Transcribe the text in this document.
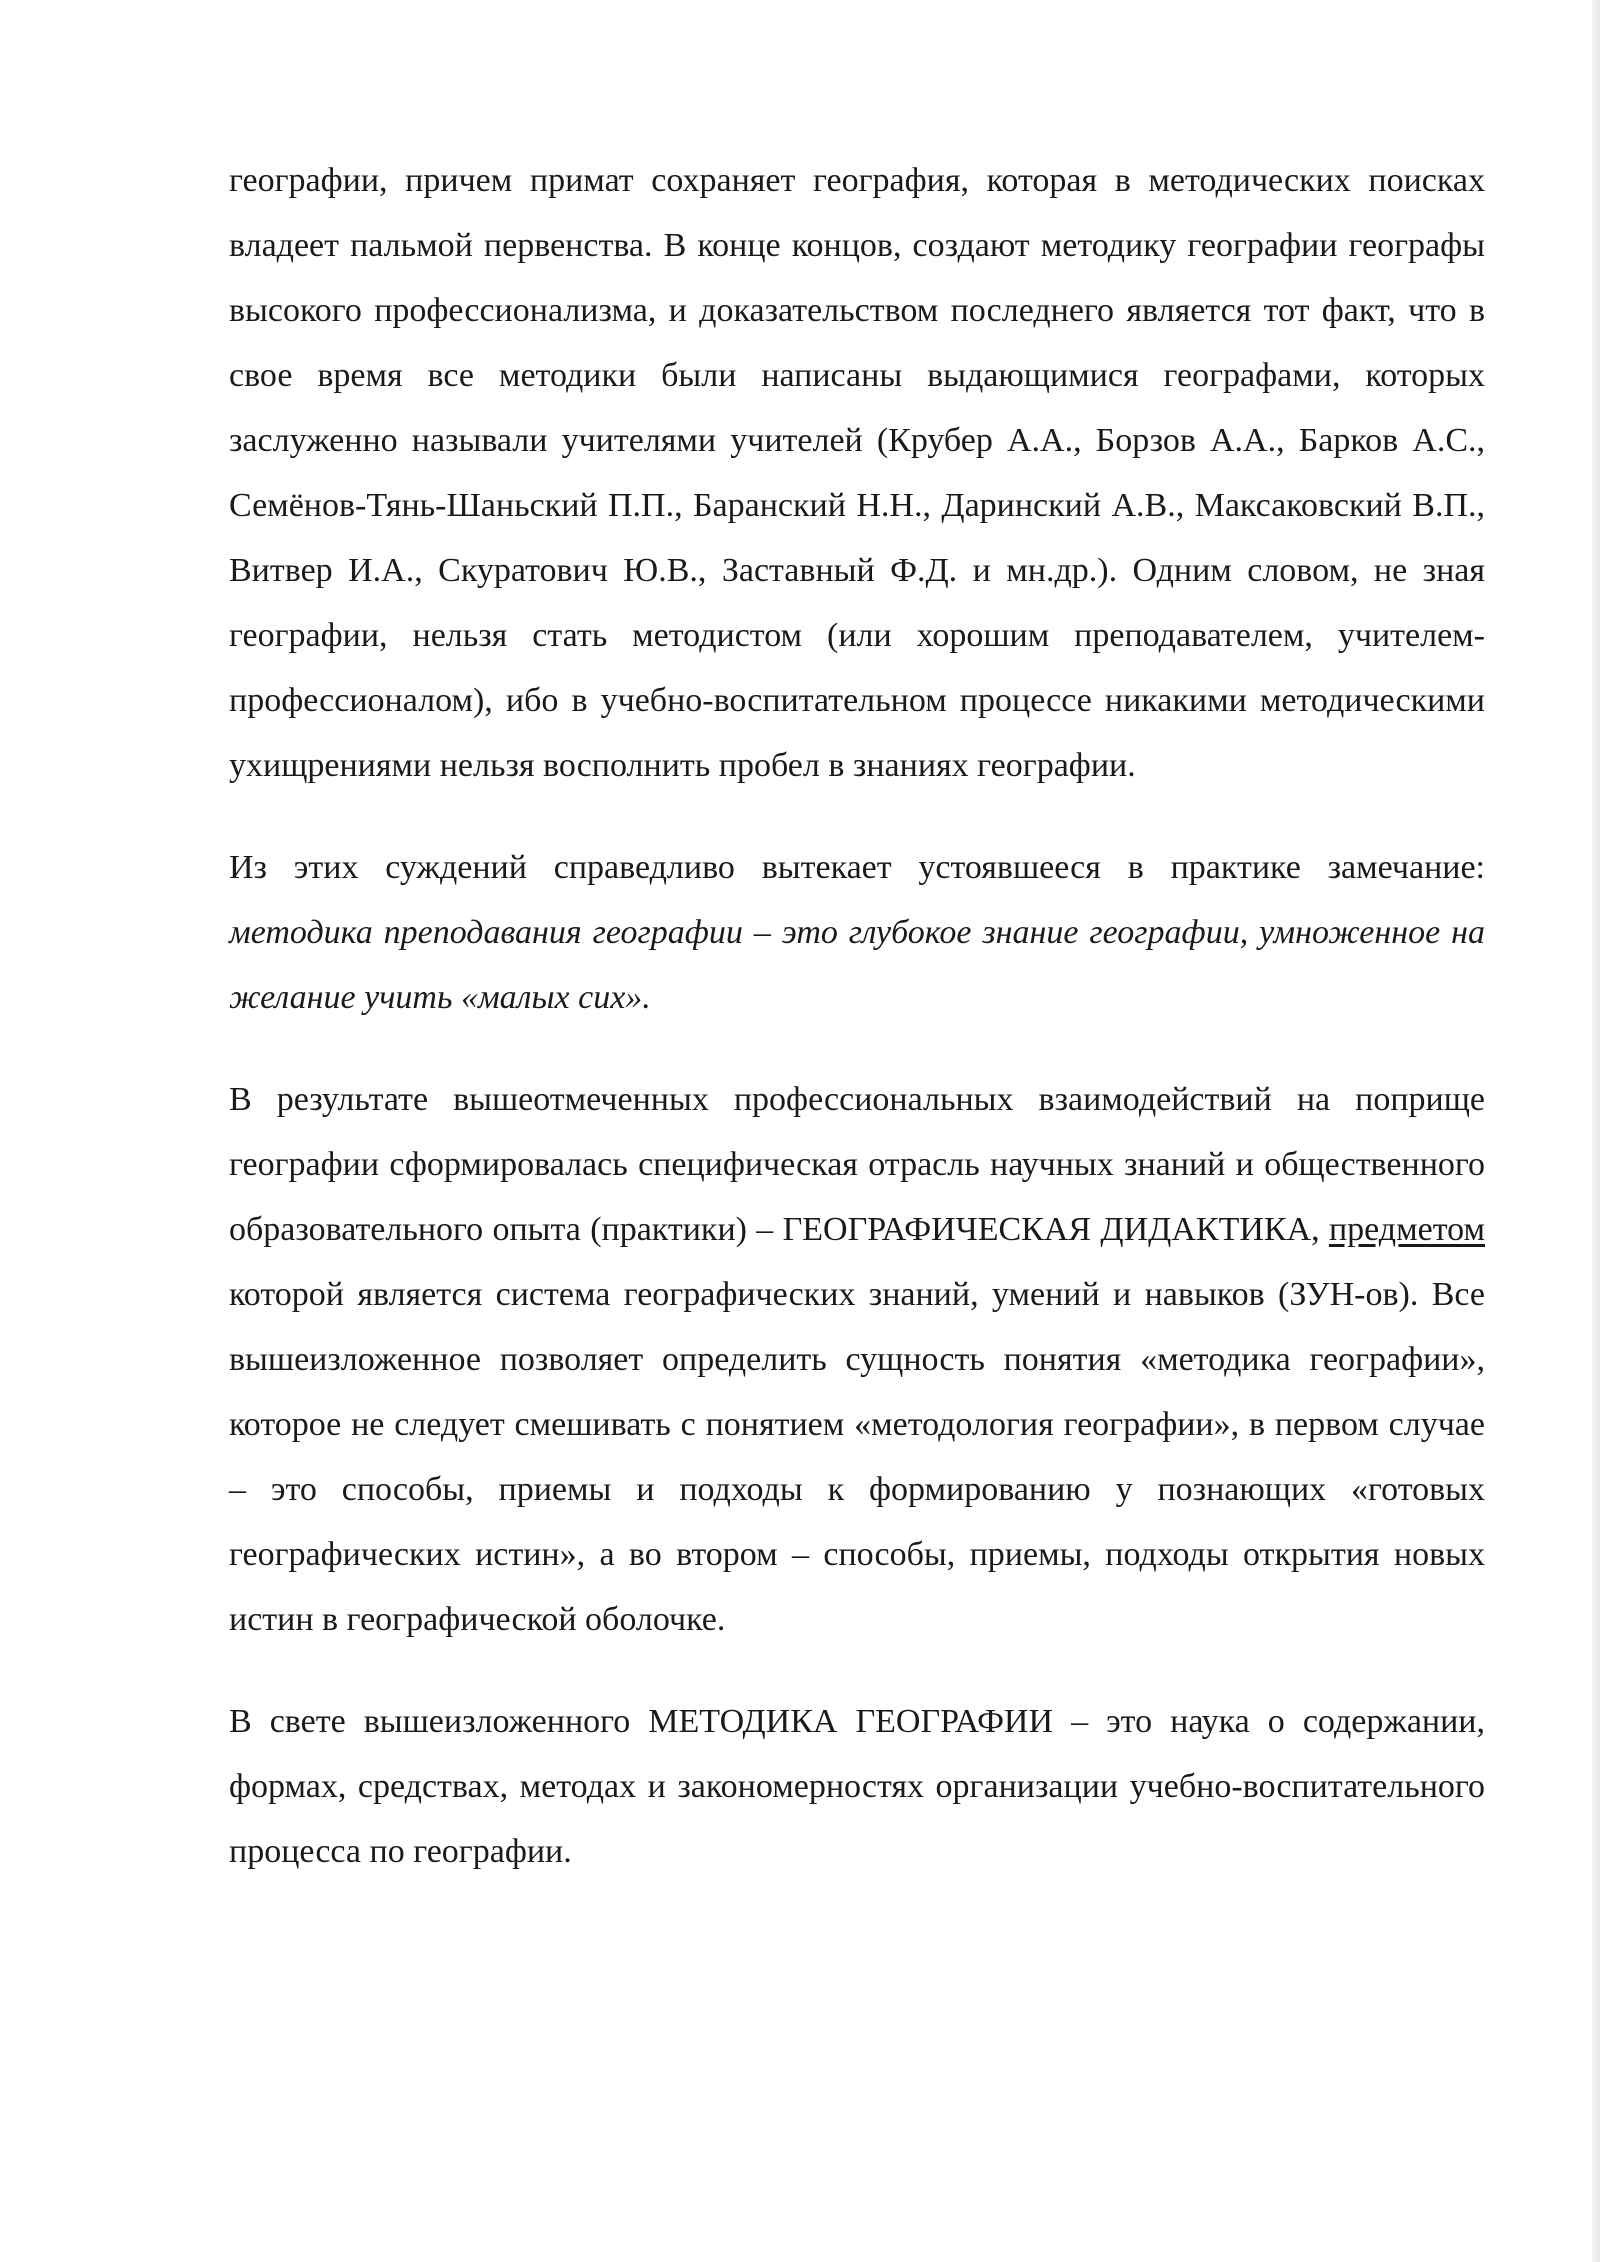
географии, причем примат сохраняет география, которая в методических поисках владеет пальмой первенства. В конце концов, создают методику географии географы высокого профессионализма, и доказательством последнего является тот факт, что в свое время все методики были написаны выдающимися географами, которых заслуженно называли учителями учителей (Крубер А.А., Борзов А.А., Барков А.С., Семёнов-Тянь-Шаньский П.П., Баранский Н.Н., Даринский А.В., Максаковский В.П., Витвер И.А., Скуратович Ю.В., Заставный Ф.Д. и мн.др.). Одним словом, не зная географии, нельзя стать методистом (или хорошим преподавателем, учителем-профессионалом), ибо в учебно-воспитательном процессе никакими методическими ухищрениями нельзя восполнить пробел в знаниях географии.

Из этих суждений справедливо вытекает устоявшееся в практике замечание: методика преподавания географии – это глубокое знание географии, умноженное на желание учить «малых сих».

В результате вышеотмеченных профессиональных взаимодействий на поприще географии сформировалась специфическая отрасль научных знаний и общественного образовательного опыта (практики) – ГЕОГРАФИЧЕСКАЯ ДИДАКТИКА, предметом которой является система географических знаний, умений и навыков (ЗУН-ов). Все вышеизложенное позволяет определить сущность понятия «методика географии», которое не следует смешивать с понятием «методология географии», в первом случае – это способы, приемы и подходы к формированию у познающих «готовых географических истин», а во втором – способы, приемы, подходы открытия новых истин в географической оболочке.

В свете вышеизложенного МЕТОДИКА ГЕОГРАФИИ – это наука о содержании, формах, средствах, методах и закономерностях организации учебно-воспитательного процесса по географии.
